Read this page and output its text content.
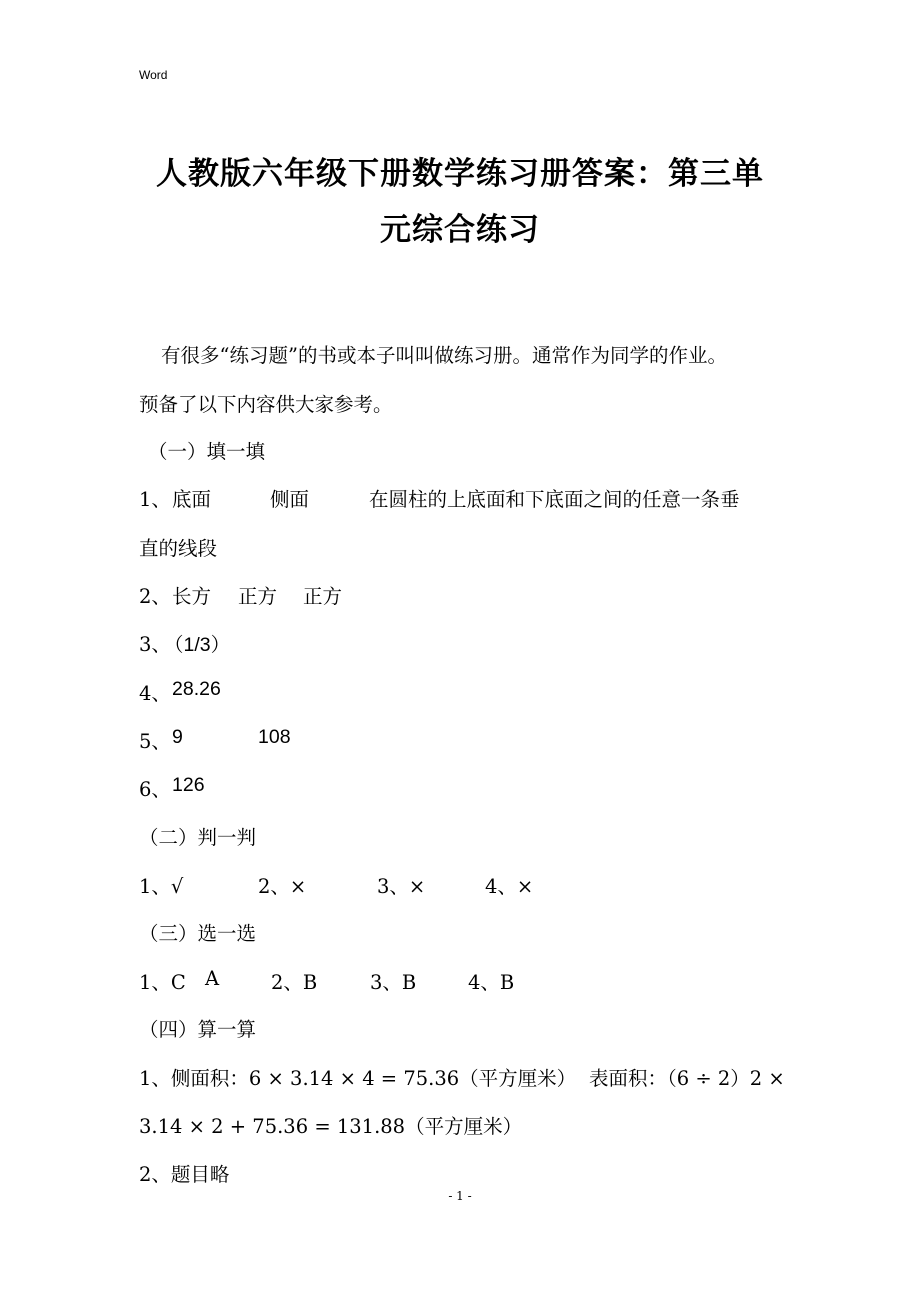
Word
人教版六年级下册数学练习册答案：第三单
元综合练习
有很多“练习题”的书或本子叫叫做练习册。通常作为同学的作业。
预备了以下内容供大家参考。
（一）填一填
1、 底面	侧面	在圆柱的上底面和下底面之间的任意一条垂
直的线段
2、 长方 正方 正方
3、
（1/3）
4、 28.26
5、 9	108
6、 126
（二）判一判
1、√	2、×	3、×	4、×
（三）选一选
1、C A	2、B	3、B	4、B
（四）算一算
1、侧面积：6 × 3.14 × 4 = 75.36（平方厘米） 表面积：（6 ÷ 2）2 ×
3.14 × 2 + 75.36 = 131.88（平方厘米）
2、题目略
- 1 -
